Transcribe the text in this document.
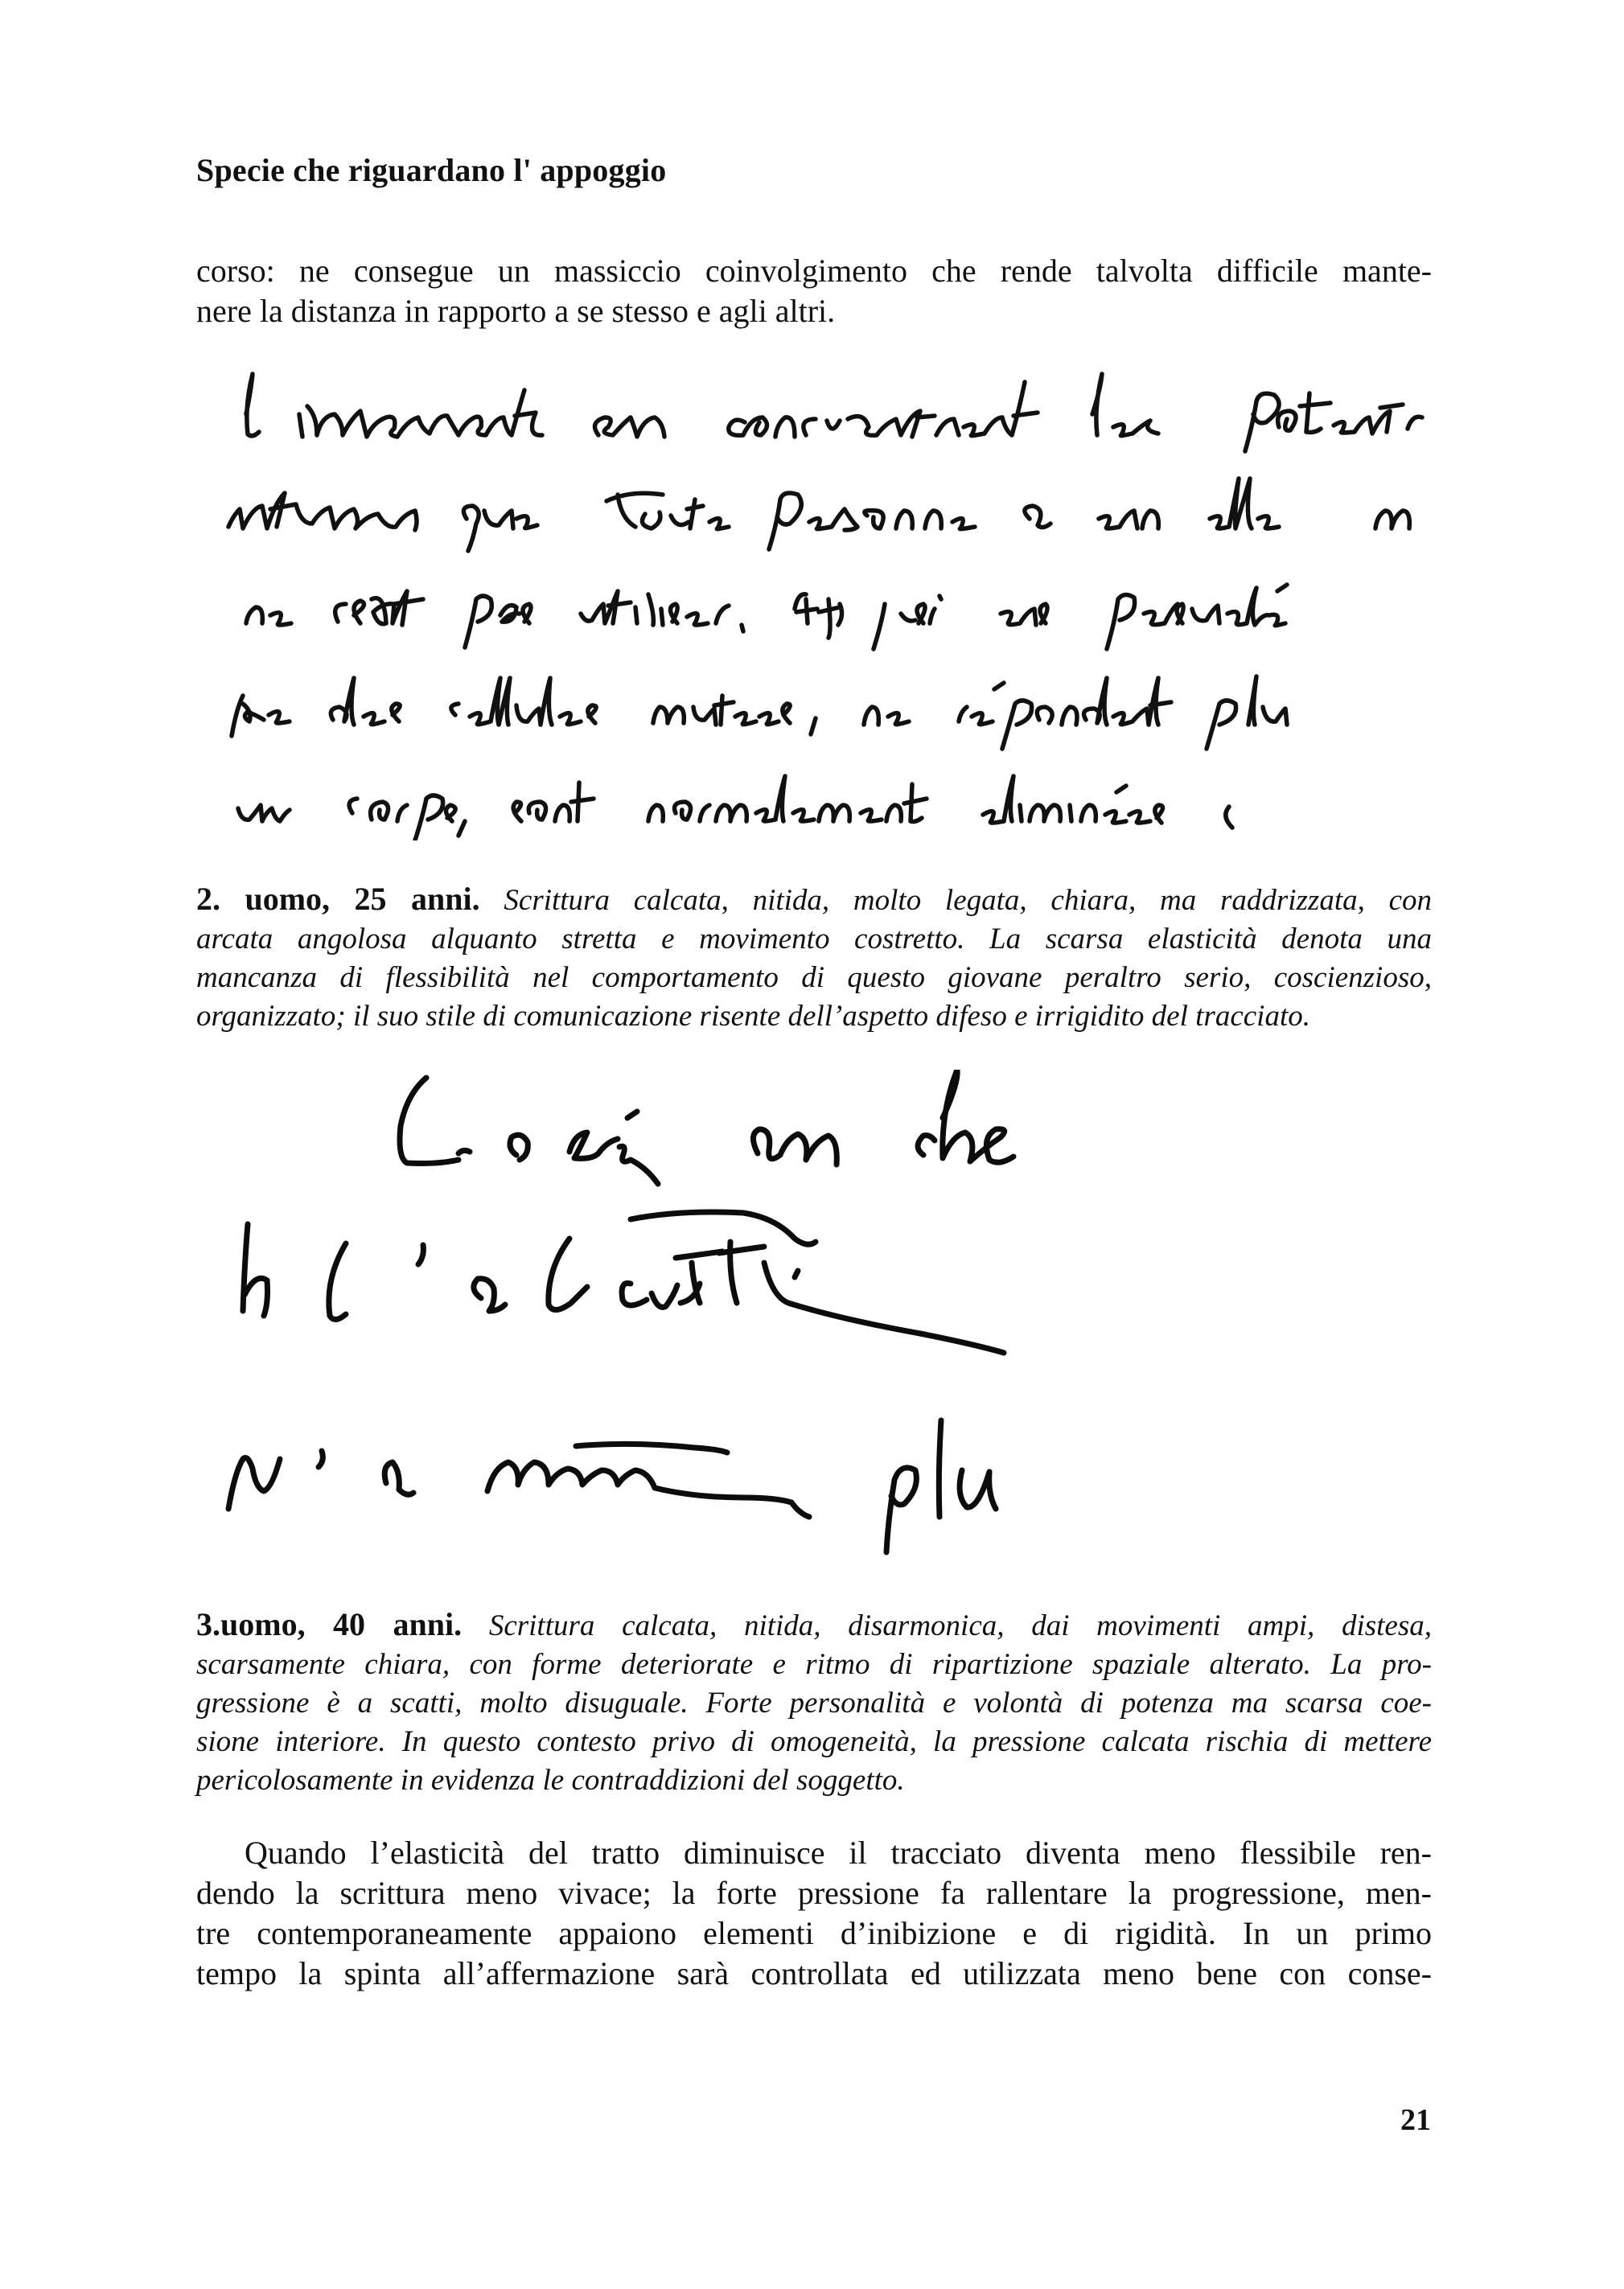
Specie che riguardano l' appoggio
corso: ne consegue un massiccio coinvolgimento che rende talvolta difficile mante-
nere la distanza in rapporto a se stesso e agli altri.
2. uomo, 25 anni. Scrittura calcata, nitida, molto legata, chiara, ma raddrizzata, con
arcata angolosa alquanto stretta e movimento costretto. La scarsa elasticità denota una
mancanza di flessibilità nel comportamento di questo giovane peraltro serio, coscienzioso,
organizzato; il suo stile di comunicazione risente dell’aspetto difeso e irrigidito del tracciato.
3.uomo, 40 anni. Scrittura calcata, nitida, disarmonica, dai movimenti ampi, distesa,
scarsamente chiara, con forme deteriorate e ritmo di ripartizione spaziale alterato. La pro-
gressione è a scatti, molto disuguale. Forte personalità e volontà di potenza ma scarsa coe-
sione interiore. In questo contesto privo di omogeneità, la pressione calcata rischia di mettere
pericolosamente in evidenza le contraddizioni del soggetto.
Quando l’elasticità del tratto diminuisce il tracciato diventa meno flessibile ren-
dendo la scrittura meno vivace; la forte pressione fa rallentare la progressione, men-
tre contemporaneamente appaiono elementi d’inibizione e di rigidità. In un primo
tempo la spinta all’affermazione sarà controllata ed utilizzata meno bene con conse-
21
